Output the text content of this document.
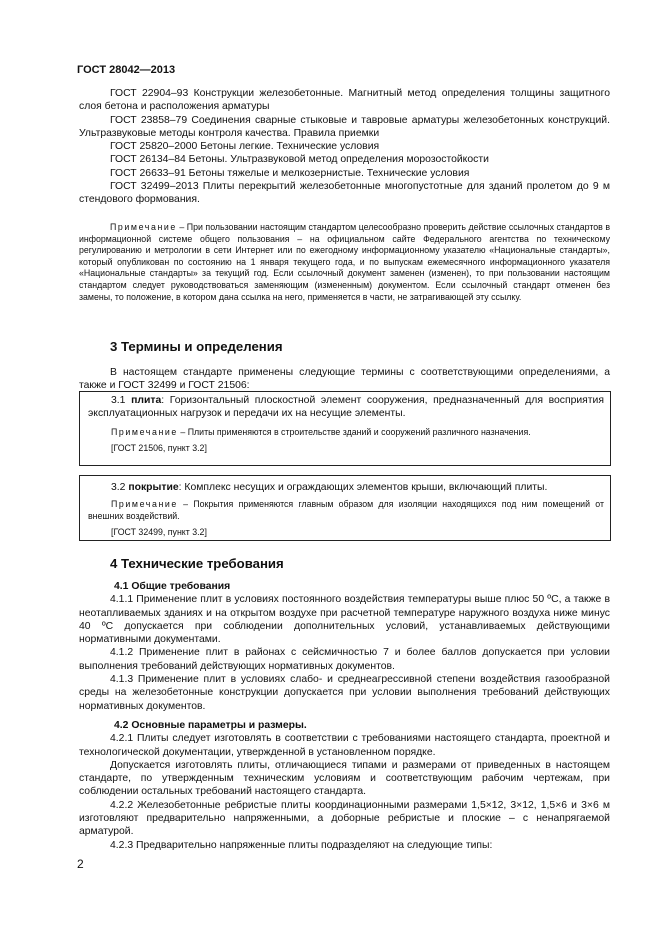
ГОСТ 28042—2013

ГОСТ 22904–93 Конструкции железобетонные. Магнитный метод определения толщины защитного слоя бетона и расположения арматуры

ГОСТ 23858–79 Соединения сварные стыковые и тавровые арматуры железобетонных конструкций. Ультразвуковые методы контроля качества. Правила приемки

ГОСТ 25820–2000 Бетоны легкие. Технические условия

ГОСТ 26134–84 Бетоны. Ультразвуковой метод определения морозостойкости

ГОСТ 26633–91 Бетоны тяжелые и мелкозернистые. Технические условия

ГОСТ 32499–2013 Плиты перекрытий железобетонные многопустотные для зданий пролетом до 9 м стендового формования.

Примечание – При пользовании настоящим стандартом целесообразно проверить действие ссылочных стандартов в информационной системе общего пользования – на официальном сайте Федерального агентства по техническому регулированию и метрологии в сети Интернет или по ежегодному информационному указателю «Национальные стандарты», который опубликован по состоянию на 1 января текущего года, и по выпускам ежемесячного информационного указателя «Национальные стандарты» за текущий год. Если ссылочный документ заменен (изменен), то при пользовании настоящим стандартом следует руководствоваться заменяющим (измененным) документом. Если ссылочный стандарт отменен без замены, то положение, в котором дана ссылка на него, применяется в части, не затрагивающей эту ссылку.

3 Термины и определения

В настоящем стандарте применены следующие термины с соответствующими определениями, а также и ГОСТ 32499 и ГОСТ 21506:

3.1 плита: Горизонтальный плоскостной элемент сооружения, предназначенный для восприятия эксплуатационных нагрузок и передачи их на несущие элементы.

Примечание – Плиты применяются в строительстве зданий и сооружений различного назначения.

[ГОСТ 21506, пункт 3.2]

3.2 покрытие: Комплекс несущих и ограждающих элементов крыши, включающий плиты.

Примечание – Покрытия применяются главным образом для изоляции находящихся под ним помещений от внешних воздействий.

[ГОСТ 32499, пункт 3.2]

4 Технические требования

4.1 Общие требования

4.1.1 Применение плит в условиях постоянного воздействия температуры выше плюс 50 ºС, а также в неотапливаемых зданиях и на открытом воздухе при расчетной температуре наружного воздуха ниже минус 40 ºС допускается при соблюдении дополнительных условий, устанавливаемых действующими нормативными документами.

4.1.2 Применение плит в районах с сейсмичностью 7 и более баллов допускается при условии выполнения требований действующих нормативных документов.

4.1.3 Применение плит в условиях слабо- и среднеагрессивной степени воздействия газообразной среды на железобетонные конструкции допускается при условии выполнения требований действующих нормативных документов.

4.2 Основные параметры и размеры.

4.2.1 Плиты следует изготовлять в соответствии с требованиями настоящего стандарта, проектной и технологической документации, утвержденной в установленном порядке.

Допускается изготовлять плиты, отличающиеся типами и размерами от приведенных в настоящем стандарте, по утвержденным техническим условиям и соответствующим рабочим чертежам, при соблюдении остальных требований настоящего стандарта.

4.2.2 Железобетонные ребристые плиты координационными размерами 1,5×12, 3×12, 1,5×6 и 3×6 м изготовляют предварительно напряженными, а доборные ребристые и плоские – с ненапрягаемой арматурой.

4.2.3 Предварительно напряженные плиты подразделяют на следующие типы:

2
